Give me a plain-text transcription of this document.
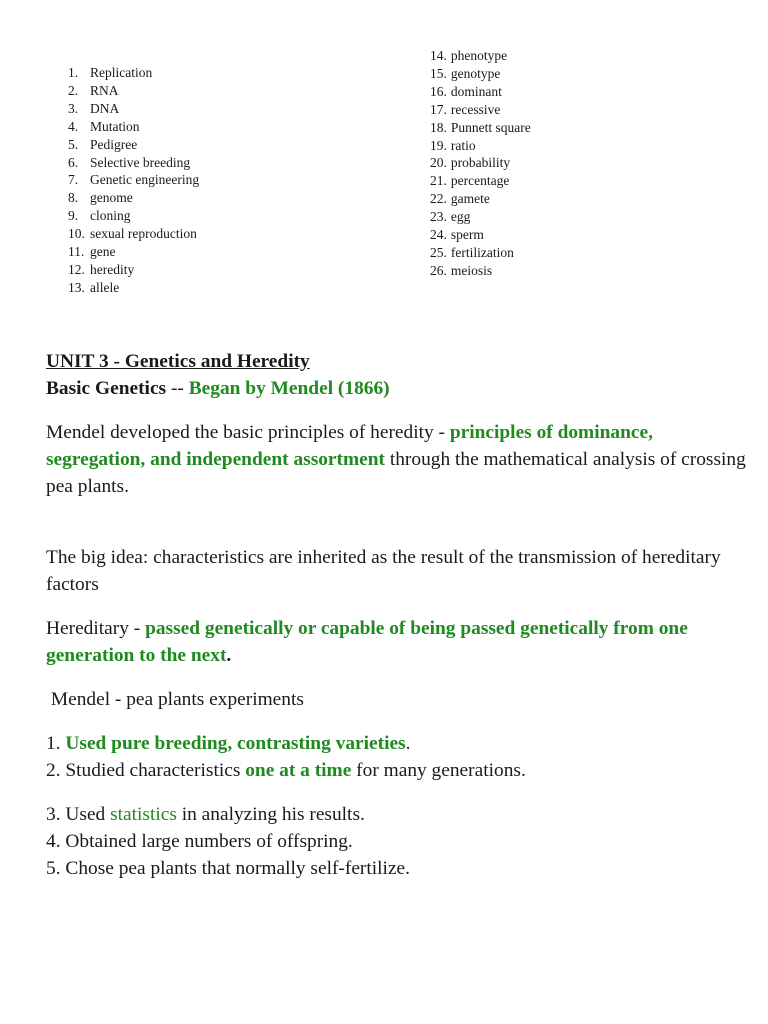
1. Replication
2. RNA
3. DNA
4. Mutation
5. Pedigree
6. Selective breeding
7. Genetic engineering
8. genome
9. cloning
10. sexual reproduction
11. gene
12. heredity
13. allele
14. phenotype
15. genotype
16. dominant
17. recessive
18. Punnett square
19. ratio
20. probability
21. percentage
22. gamete
23. egg
24. sperm
25. fertilization
26. meiosis

UNIT 3 - Genetics and Heredity

Basic Genetics -- Began by Mendel (1866)

Mendel developed the basic principles of heredity - principles of dominance, segregation, and independent assortment through the mathematical analysis of crossing pea plants.

The big idea: characteristics are inherited as the result of the transmission of hereditary factors

Hereditary - passed genetically or capable of being passed genetically from one generation to the next.

Mendel - pea plants experiments

1. Used pure breeding, contrasting varieties.

2. Studied characteristics one at a time for many generations.

3. Used statistics in analyzing his results.

4. Obtained large numbers of offspring.

5. Chose pea plants that normally self-fertilize.
